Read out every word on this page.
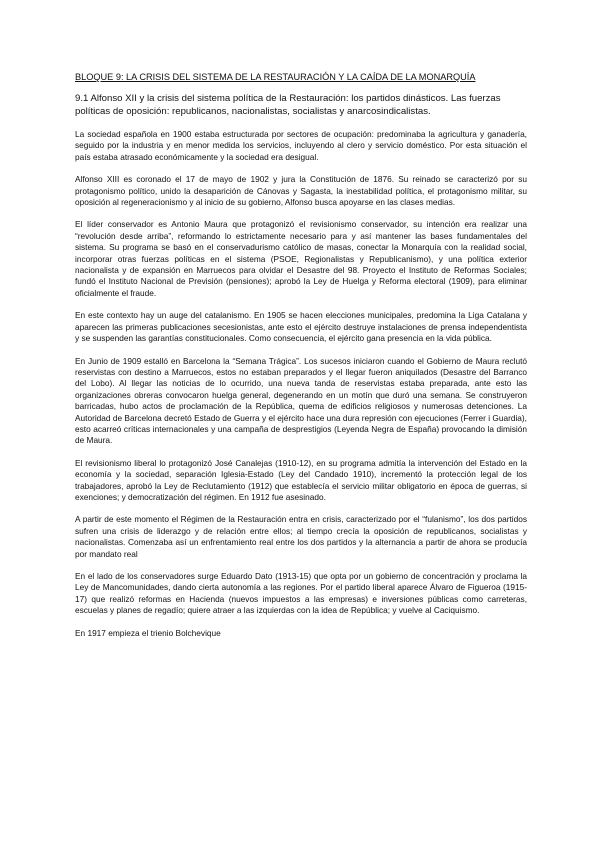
BLOQUE 9: LA CRISIS DEL SISTEMA DE LA RESTAURACIÓN Y LA CAÍDA DE LA MONARQUÍA
9.1 Alfonso XII y la crisis del sistema política de la Restauración: los partidos dinásticos. Las fuerzas políticas de oposición: republicanos, nacionalistas, socialistas y anarcosindicalistas.

La sociedad española en 1900 estaba estructurada por sectores de ocupación: predominaba la agricultura y ganadería, seguido por la industria y en menor medida los servicios, incluyendo al clero y servicio doméstico. Por esta situación el país estaba atrasado económicamente y la sociedad era desigual.

Alfonso XIII es coronado el 17 de mayo de 1902 y jura la Constitución de 1876. Su reinado se caracterizó por su protagonismo político, unido la desaparición de Cánovas y Sagasta, la inestabilidad política, el protagonismo militar, su oposición al regeneracionismo y al inicio de su gobierno, Alfonso busca apoyarse en las clases medias.

El líder conservador es Antonio Maura que protagonizó el revisionismo conservador, su intención era realizar una “revolución desde arriba”, reformando lo estrictamente necesario para y así mantener las bases fundamentales del sistema. Su programa se basó en el conservadurismo católico de masas, conectar la Monarquía con la realidad social, incorporar otras fuerzas políticas en el sistema (PSOE, Regionalistas y Republicanismo), y una política exterior nacionalista y de expansión en Marruecos para olvidar el Desastre del 98. Proyecto el Instituto de Reformas Sociales; fundó el Instituto Nacional de Previsión (pensiones); aprobó la Ley de Huelga y Reforma electoral (1909), para eliminar oficialmente el fraude.

En este contexto hay un auge del catalanismo. En 1905 se hacen elecciones municipales, predomina la Liga Catalana y aparecen las primeras publicaciones secesionistas, ante esto el ejército destruye instalaciones de prensa independentista y se suspenden las garantías constitucionales. Como consecuencia, el ejército gana presencia en la vida pública.

En Junio de 1909 estalló en Barcelona la “Semana Trágica”. Los sucesos iniciaron cuando el Gobierno de Maura reclutó reservistas con destino a Marruecos, estos no estaban preparados y el llegar fueron aniquilados (Desastre del Barranco del Lobo). Al llegar las noticias de lo ocurrido, una nueva tanda de reservistas estaba preparada, ante esto las organizaciones obreras convocaron huelga general, degenerando en un motín que duró una semana. Se construyeron barricadas, hubo actos de proclamación de la República, quema de edificios religiosos y numerosas detenciones. La Autoridad de Barcelona decretó Estado de Guerra y el ejército hace una dura represión con ejecuciones (Ferrer i Guardia), esto acarreó críticas internacionales y una campaña de desprestigios (Leyenda Negra de España) provocando la dimisión de Maura.

El revisionismo liberal lo protagonizó José Canalejas (1910-12), en su programa admitía la intervención del Estado en la economía y la sociedad, separación Iglesia-Estado (Ley del Candado 1910), incrementó la protección legal de los trabajadores, aprobó la Ley de Reclutamiento (1912) que establecía el servicio militar obligatorio en época de guerras, si exenciones; y democratización del régimen. En 1912 fue asesinado.

A partir de este momento el Régimen de la Restauración entra en crisis, caracterizado por el “fulanismo”, los dos partidos sufren una crisis de liderazgo y de relación entre ellos; al tiempo crecía la oposición de republicanos, socialistas y nacionalistas. Comenzaba así un enfrentamiento real entre los dos partidos y la alternancia a partir de ahora se producía por mandato real

En el lado de los conservadores surge Eduardo Dato (1913-15) que opta por un gobierno de concentración y proclama la Ley de Mancomunidades, dando cierta autonomía a las regiones. Por el partido liberal aparece Álvaro de Figueroa (1915-17) que realizó reformas en Hacienda (nuevos impuestos a las empresas) e inversiones públicas como carreteras, escuelas y planes de regadío; quiere atraer a las izquierdas con la idea de República; y vuelve al Caciquismo.

En 1917 empieza el trienio Bolchevique
